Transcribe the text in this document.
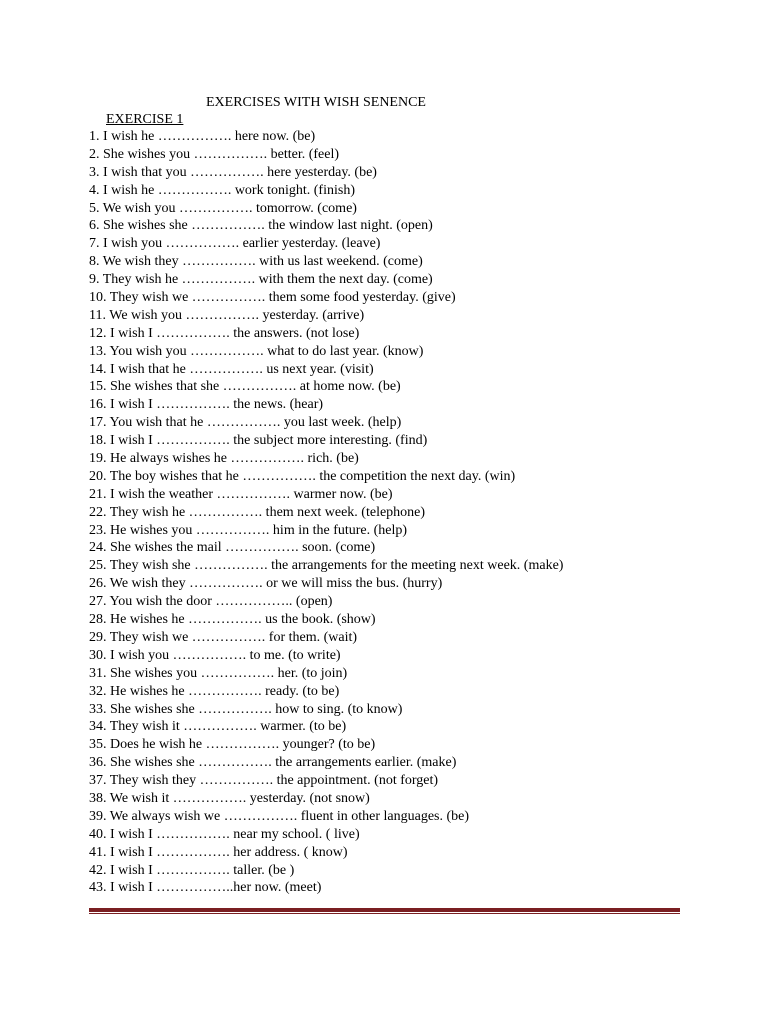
EXERCISES WITH WISH SENENCE
EXERCISE 1
1. I wish he ……………. here now. (be)
2. She wishes you ……………. better. (feel)
3. I wish that you ……………. here yesterday. (be)
4. I wish he ……………. work tonight. (finish)
5. We wish you ……………. tomorrow. (come)
6. She wishes she ……………. the window last night. (open)
7. I wish you ……………. earlier yesterday. (leave)
8. We wish they ……………. with us last weekend. (come)
9. They wish he ……………. with them the next day. (come)
10. They wish we ……………. them some food yesterday. (give)
11. We wish you ……………. yesterday. (arrive)
12. I wish I ……………. the answers. (not lose)
13. You wish you ……………. what to do last year. (know)
14. I wish that he ……………. us next year. (visit)
15. She wishes that she ……………. at home now. (be)
16. I wish I ……………. the news. (hear)
17. You wish that he ……………. you last week. (help)
18. I wish I ……………. the subject more interesting. (find)
19. He always wishes he ……………. rich. (be)
20. The boy wishes that he ……………. the competition the next day. (win)
21. I wish the weather ……………. warmer now. (be)
22. They wish he ……………. them next week. (telephone)
23. He wishes you ……………. him in the future. (help)
24. She wishes the mail ……………. soon. (come)
25. They wish she ……………. the arrangements for the meeting next week. (make)
26. We wish they ……………. or we will miss the bus. (hurry)
27. You wish the door …………….. (open)
28. He wishes he ……………. us the book. (show)
29. They wish we ……………. for them. (wait)
30. I wish you ……………. to me. (to write)
31. She wishes you ……………. her. (to join)
32. He wishes he ……………. ready. (to be)
33. She wishes she ……………. how to sing. (to know)
34. They wish it ……………. warmer. (to be)
35. Does he wish he ……………. younger? (to be)
36. She wishes she ……………. the arrangements earlier. (make)
37. They wish they ……………. the appointment. (not forget)
38. We wish it ……………. yesterday. (not snow)
39. We always wish we ……………. fluent in other languages. (be)
40. I wish I ……………. near my school. ( live)
41. I wish I ……………. her address. ( know)
42. I wish I ……………. taller. (be )
43. I wish I ……………..her now. (meet)
